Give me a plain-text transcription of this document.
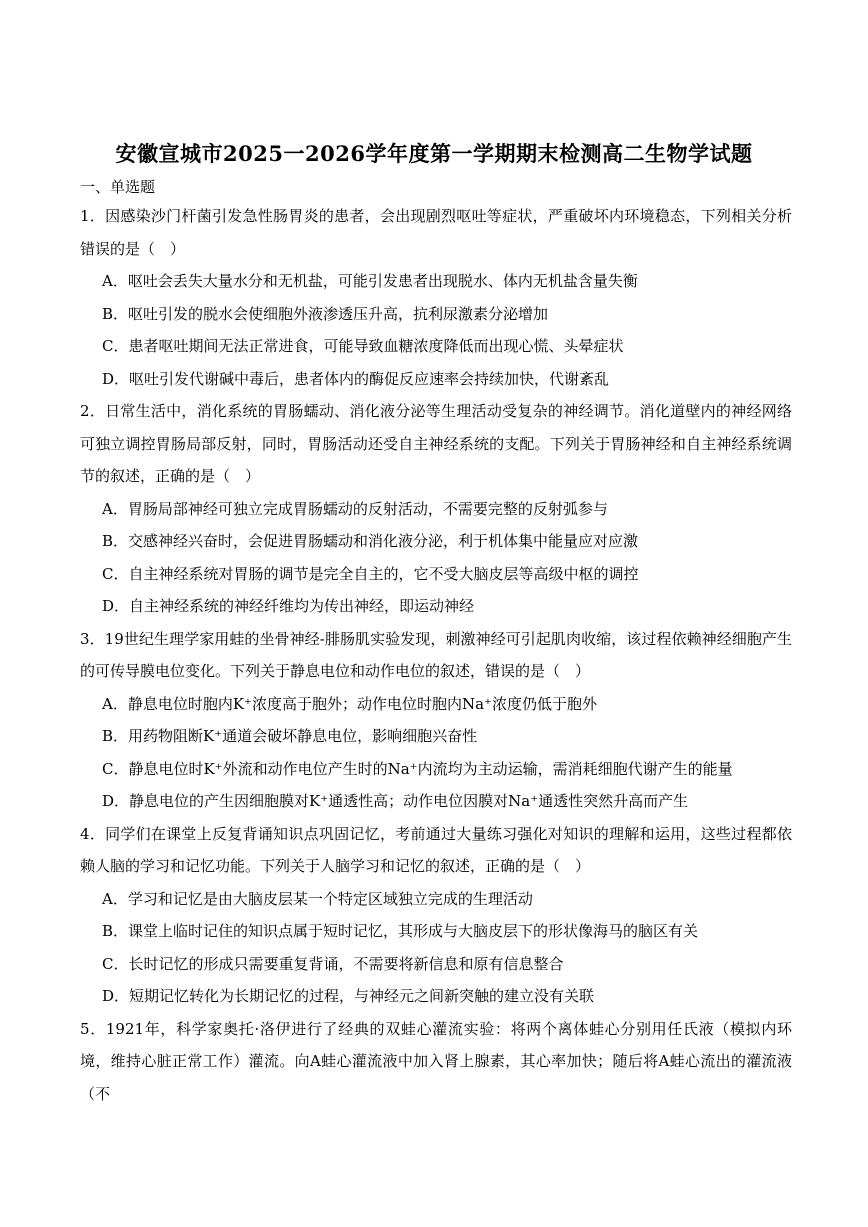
安徽宣城市2025一2026学年度第一学期期末检测高二生物学试题
一、单选题
1．因感染沙门杆菌引发急性肠胃炎的患者，会出现剧烈呕吐等症状，严重破坏内环境稳态，下列相关分析错误的是（　）
A．呕吐会丢失大量水分和无机盐，可能引发患者出现脱水、体内无机盐含量失衡
B．呕吐引发的脱水会使细胞外液渗透压升高，抗利尿激素分泌增加
C．患者呕吐期间无法正常进食，可能导致血糖浓度降低而出现心慌、头晕症状
D．呕吐引发代谢碱中毒后，患者体内的酶促反应速率会持续加快，代谢紊乱
2．日常生活中，消化系统的胃肠蠕动、消化液分泌等生理活动受复杂的神经调节。消化道壁内的神经网络可独立调控胃肠局部反射，同时，胃肠活动还受自主神经系统的支配。下列关于胃肠神经和自主神经系统调节的叙述，正确的是（　）
A．胃肠局部神经可独立完成胃肠蠕动的反射活动，不需要完整的反射弧参与
B．交感神经兴奋时，会促进胃肠蠕动和消化液分泌，利于机体集中能量应对应激
C．自主神经系统对胃肠的调节是完全自主的，它不受大脑皮层等高级中枢的调控
D．自主神经系统的神经纤维均为传出神经，即运动神经
3．19世纪生理学家用蛙的坐骨神经-腓肠肌实验发现，刺激神经可引起肌肉收缩，该过程依赖神经细胞产生的可传导膜电位变化。下列关于静息电位和动作电位的叙述，错误的是（　）
A．静息电位时胞内K⁺浓度高于胞外；动作电位时胞内Na⁺浓度仍低于胞外
B．用药物阻断K⁺通道会破坏静息电位，影响细胞兴奋性
C．静息电位时K⁺外流和动作电位产生时的Na⁺内流均为主动运输，需消耗细胞代谢产生的能量
D．静息电位的产生因细胞膜对K⁺通透性高；动作电位因膜对Na⁺通透性突然升高而产生
4．同学们在课堂上反复背诵知识点巩固记忆，考前通过大量练习强化对知识的理解和运用，这些过程都依赖人脑的学习和记忆功能。下列关于人脑学习和记忆的叙述，正确的是（　）
A．学习和记忆是由大脑皮层某一个特定区域独立完成的生理活动
B．课堂上临时记住的知识点属于短时记忆，其形成与大脑皮层下的形状像海马的脑区有关
C．长时记忆的形成只需要重复背诵，不需要将新信息和原有信息整合
D．短期记忆转化为长期记忆的过程，与神经元之间新突触的建立没有关联
5．1921年，科学家奥托·洛伊进行了经典的双蛙心灌流实验：将两个离体蛙心分别用任氏液（模拟内环境，维持心脏正常工作）灌流。向A蛙心灌流液中加入肾上腺素，其心率加快；随后将A蛙心流出的灌流液（不
